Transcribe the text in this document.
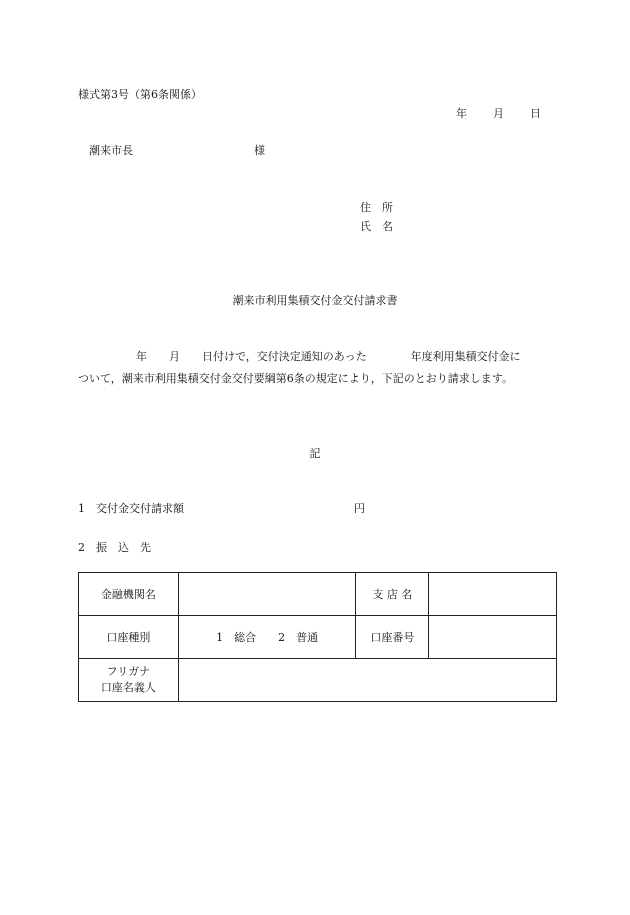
様式第3号（第6条関係）
年 月 日
潮来市長	様
住　所
氏　名
潮来市利用集積交付金交付請求書
年　　月　　日付けで，交付決定通知のあった　　　　年度利用集積交付金に
ついて，潮来市利用集積交付金交付要綱第6条の規定により，下記のとおり請求します。
記
1　交付金交付請求額	円
2　振　込　先
金融機関名		支 店 名	
口座種別	1　総合　　2　普通	口座番号	

フリガナ
口座名義人			
